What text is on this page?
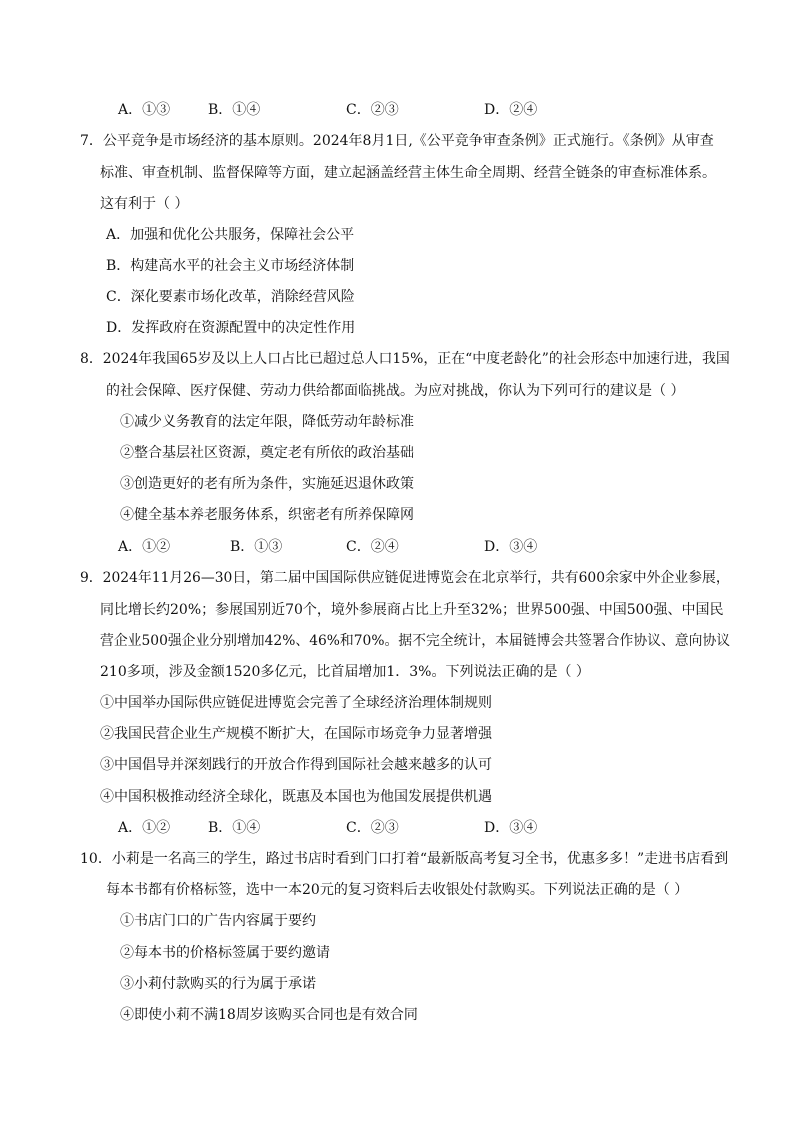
A．①③	B．①④	C．②③	D．②④
7．公平竞争是市场经济的基本原则。2024年8月1日,《公平竞争审查条例》正式施行。《条例》从审查
标准、审查机制、监督保障等方面，建立起涵盖经营主体生命全周期、经营全链条的审查标准体系。
这有利于（ ）
A．加强和优化公共服务，保障社会公平
B．构建高水平的社会主义市场经济体制
C．深化要素市场化改革，消除经营风险
D．发挥政府在资源配置中的决定性作用
8．2024年我国65岁及以上人口占比已超过总人口15%，正在“中度老龄化”的社会形态中加速行进，我国
的社会保障、医疗保健、劳动力供给都面临挑战。为应对挑战，你认为下列可行的建议是（ ）
①减少义务教育的法定年限，降低劳动年龄标准
②整合基层社区资源，奠定老有所依的政治基础
③创造更好的老有所为条件，实施延迟退休政策
④健全基本养老服务体系，织密老有所养保障网
A．①②	B．①③	C．②④	D．③④
9．2024年11月26—30日，第二届中国国际供应链促进博览会在北京举行，共有600余家中外企业参展，
同比增长约20%；参展国别近70个，境外参展商占比上升至32%；世界500强、中国500强、中国民
营企业500强企业分别增加42%、46%和70%。据不完全统计，本届链博会共签署合作协议、意向协议
210多项，涉及金额1520多亿元，比首届增加1．3%。下列说法正确的是（ ）
①中国举办国际供应链促进博览会完善了全球经济治理体制规则
②我国民营企业生产规模不断扩大，在国际市场竞争力显著增强
③中国倡导并深刻践行的开放合作得到国际社会越来越多的认可
④中国积极推动经济全球化，既惠及本国也为他国发展提供机遇
A．①②	B．①④	C．②③	D．③④
10．小莉是一名高三的学生，路过书店时看到门口打着“最新版高考复习全书，优惠多多！”走进书店看到
每本书都有价格标签，选中一本20元的复习资料后去收银处付款购买。下列说法正确的是（ ）
①书店门口的广告内容属于要约
②每本书的价格标签属于要约邀请
③小莉付款购买的行为属于承诺
④即使小莉不满18周岁该购买合同也是有效合同
